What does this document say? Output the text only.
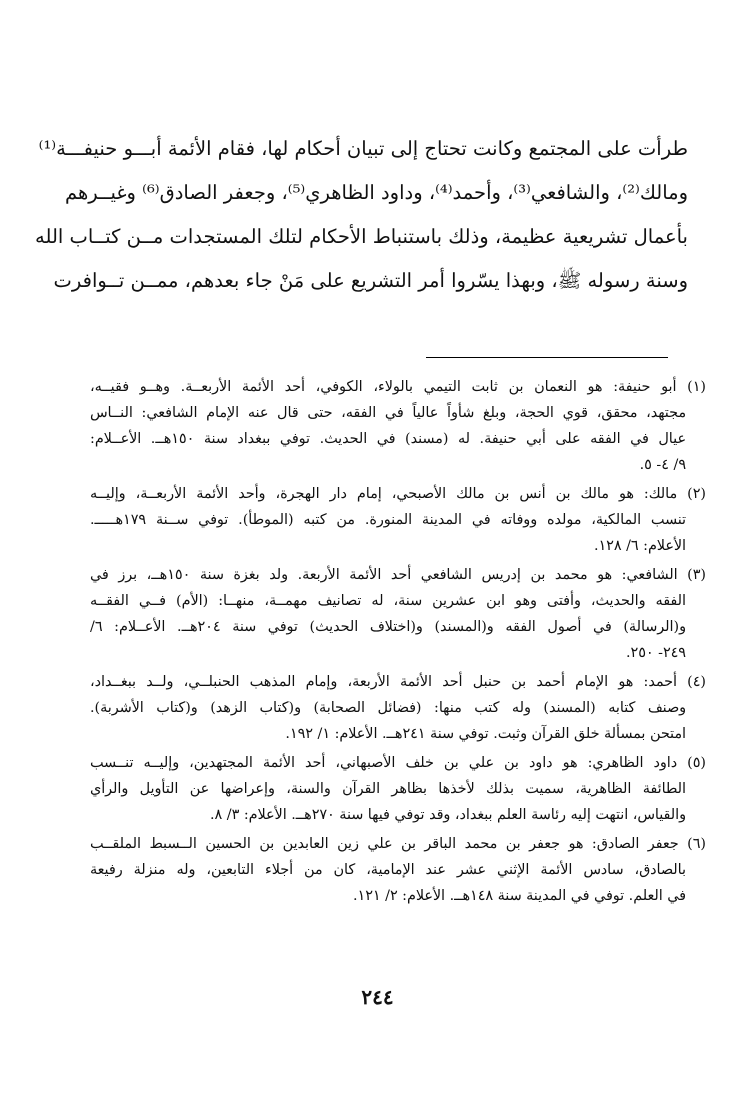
طرأت على المجتمع وكانت تحتاج إلى تبيان أحكام لها، فقام الأئمة أبـــو حنيفـــة‏⁽¹⁾

ومالك⁽²⁾، والشافعي⁽³⁾، وأحمد⁽⁴⁾، وداود الظاهري⁽⁵⁾، وجعفر الصادق⁽⁶⁾ وغيــرهم

بأعمال تشريعية عظيمة، وذلك باستنباط الأحكام لتلك المستجدات مــن كتــاب الله

وسنة رسوله ﷺ، وبهذا يسّروا أمر التشريع على مَنْ جاء بعدهم، ممــن تــوافرت

(١) أبو حنيفة: هو النعمان بن ثابت التيمي بالولاء، الكوفي، أحد الأئمة الأربعــة. وهــو فقيــه،

مجتهد، محقق، قوي الحجة، وبلغ شأواً عالياً في الفقه، حتى قال عنه الإمام الشافعي: النــاس

عيال في الفقه على أبي حنيفة. له (مسند) في الحديث. توفي ببغداد سنة ١٥٠هــ. الأعــلام:

٩/ ٤- ٥.

(٢) مالك: هو مالك بن أنس بن مالك الأصبحي، إمام دار الهجرة، وأحد الأئمة الأربعــة، وإليــه

تنسب المالكية، مولده ووفاته في المدينة المنورة. من كتبه (الموطأ). توفي ســنة ١٧٩هـــــ.

الأعلام: ٦/ ١٢٨.

(٣) الشافعي: هو محمد بن إدريس الشافعي أحد الأئمة الأربعة. ولد بغزة سنة ١٥٠هــ، برز في

الفقه والحديث، وأفتى وهو ابن عشرين سنة، له تصانيف مهمــة، منهــا: (الأم) فــي الفقــه

و(الرسالة) في أصول الفقه و(المسند) و(اختلاف الحديث) توفي سنة ٢٠٤هــ. الأعــلام: ٦/

٢٤٩- ٢٥٠.

(٤) أحمد: هو الإمام أحمد بن حنبل أحد الأئمة الأربعة، وإمام المذهب الحنبلــي، ولــد ببغــداد،

وصنف كتابه (المسند) وله كتب منها: (فضائل الصحابة) و(كتاب الزهد) و(كتاب الأشربة).

امتحن بمسألة خلق القرآن وثبت. توفي سنة ٢٤١هــ. الأعلام: ١/ ١٩٢.

(٥) داود الظاهري: هو داود بن علي بن خلف الأصبهاني، أحد الأئمة المجتهدين، وإليــه تنــسب

الطائفة الظاهرية، سميت بذلك لأخذها بظاهر القرآن والسنة، وإعراضها عن التأويل والرأي

والقياس، انتهت إليه رئاسة العلم ببغداد، وقد توفي فيها سنة ٢٧٠هــ. الأعلام: ٣/ ٨.

(٦) جعفر الصادق: هو جعفر بن محمد الباقر بن علي زين العابدين بن الحسين الــسبط الملقــب

بالصادق، سادس الأئمة الإثني عشر عند الإمامية، كان من أجلاء التابعين، وله منزلة رفيعة

في العلم. توفي في المدينة سنة ١٤٨هــ. الأعلام: ٢/ ١٢١.

٢٤٤
